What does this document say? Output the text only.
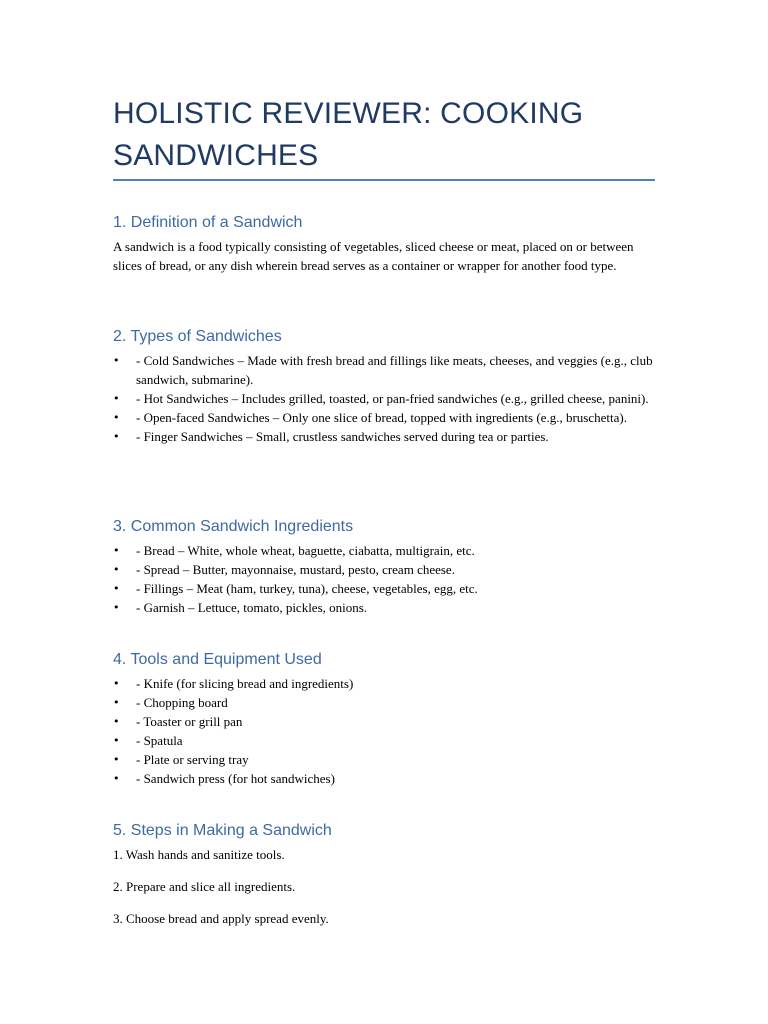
HOLISTIC REVIEWER: COOKING SANDWICHES
1. Definition of a Sandwich

A sandwich is a food typically consisting of vegetables, sliced cheese or meat, placed on or between slices of bread, or any dish wherein bread serves as a container or wrapper for another food type.

2. Types of Sandwiches
• - Cold Sandwiches – Made with fresh bread and fillings like meats, cheeses, and veggies (e.g., club sandwich, submarine).
• - Hot Sandwiches – Includes grilled, toasted, or pan-fried sandwiches (e.g., grilled cheese, panini).
• - Open-faced Sandwiches – Only one slice of bread, topped with ingredients (e.g., bruschetta).
• - Finger Sandwiches – Small, crustless sandwiches served during tea or parties.
3. Common Sandwich Ingredients
• - Bread – White, whole wheat, baguette, ciabatta, multigrain, etc.
• - Spread – Butter, mayonnaise, mustard, pesto, cream cheese.
• - Fillings – Meat (ham, turkey, tuna), cheese, vegetables, egg, etc.
• - Garnish – Lettuce, tomato, pickles, onions.
4. Tools and Equipment Used
• - Knife (for slicing bread and ingredients)
• - Chopping board
• - Toaster or grill pan
• - Spatula
• - Plate or serving tray
• - Sandwich press (for hot sandwiches)
5. Steps in Making a Sandwich

1. Wash hands and sanitize tools.

2. Prepare and slice all ingredients.

3. Choose bread and apply spread evenly.
